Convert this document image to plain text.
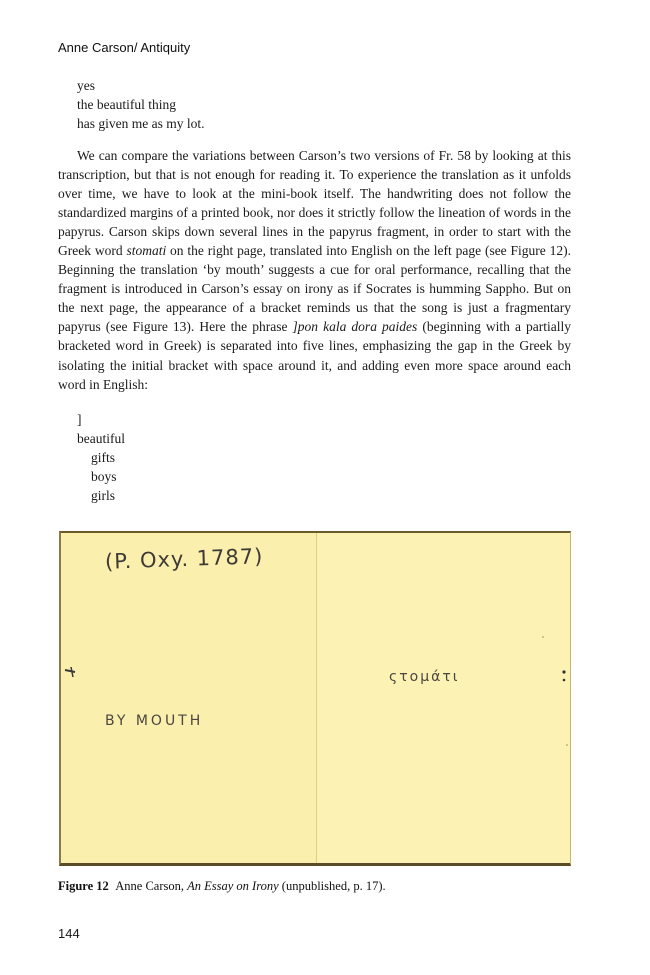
Anne Carson/ Antiquity
yes
the beautiful thing
has given me as my lot.

We can compare the variations between Carson’s two versions of Fr. 58 by looking at this transcription, but that is not enough for reading it. To experience the translation as it unfolds over time, we have to look at the mini-book itself. The handwriting does not follow the standardized margins of a printed book, nor does it strictly follow the lineation of words in the papyrus. Carson skips down several lines in the papyrus fragment, in order to start with the Greek word stomati on the right page, translated into English on the left page (see Figure 12). Beginning the translation ‘by mouth’ suggests a cue for oral performance, recalling that the fragment is introduced in Carson’s essay on irony as if Socrates is humming Sappho. But on the next page, the appearance of a bracket reminds us that the song is just a fragmentary papyrus (see Figure 13). Here the phrase ]pon kala dora paides (beginning with a partially bracketed word in Greek) is separated into five lines, emphasizing the gap in the Greek by isolating the initial bracket with space around it, and adding even more space around each word in English:

]
beautiful
gifts
boys
girls
(P. Oxy. 1787)
BY MOUTH
ςτομάτι
Figure 12 Anne Carson, An Essay on Irony (unpublished, p. 17).
144
